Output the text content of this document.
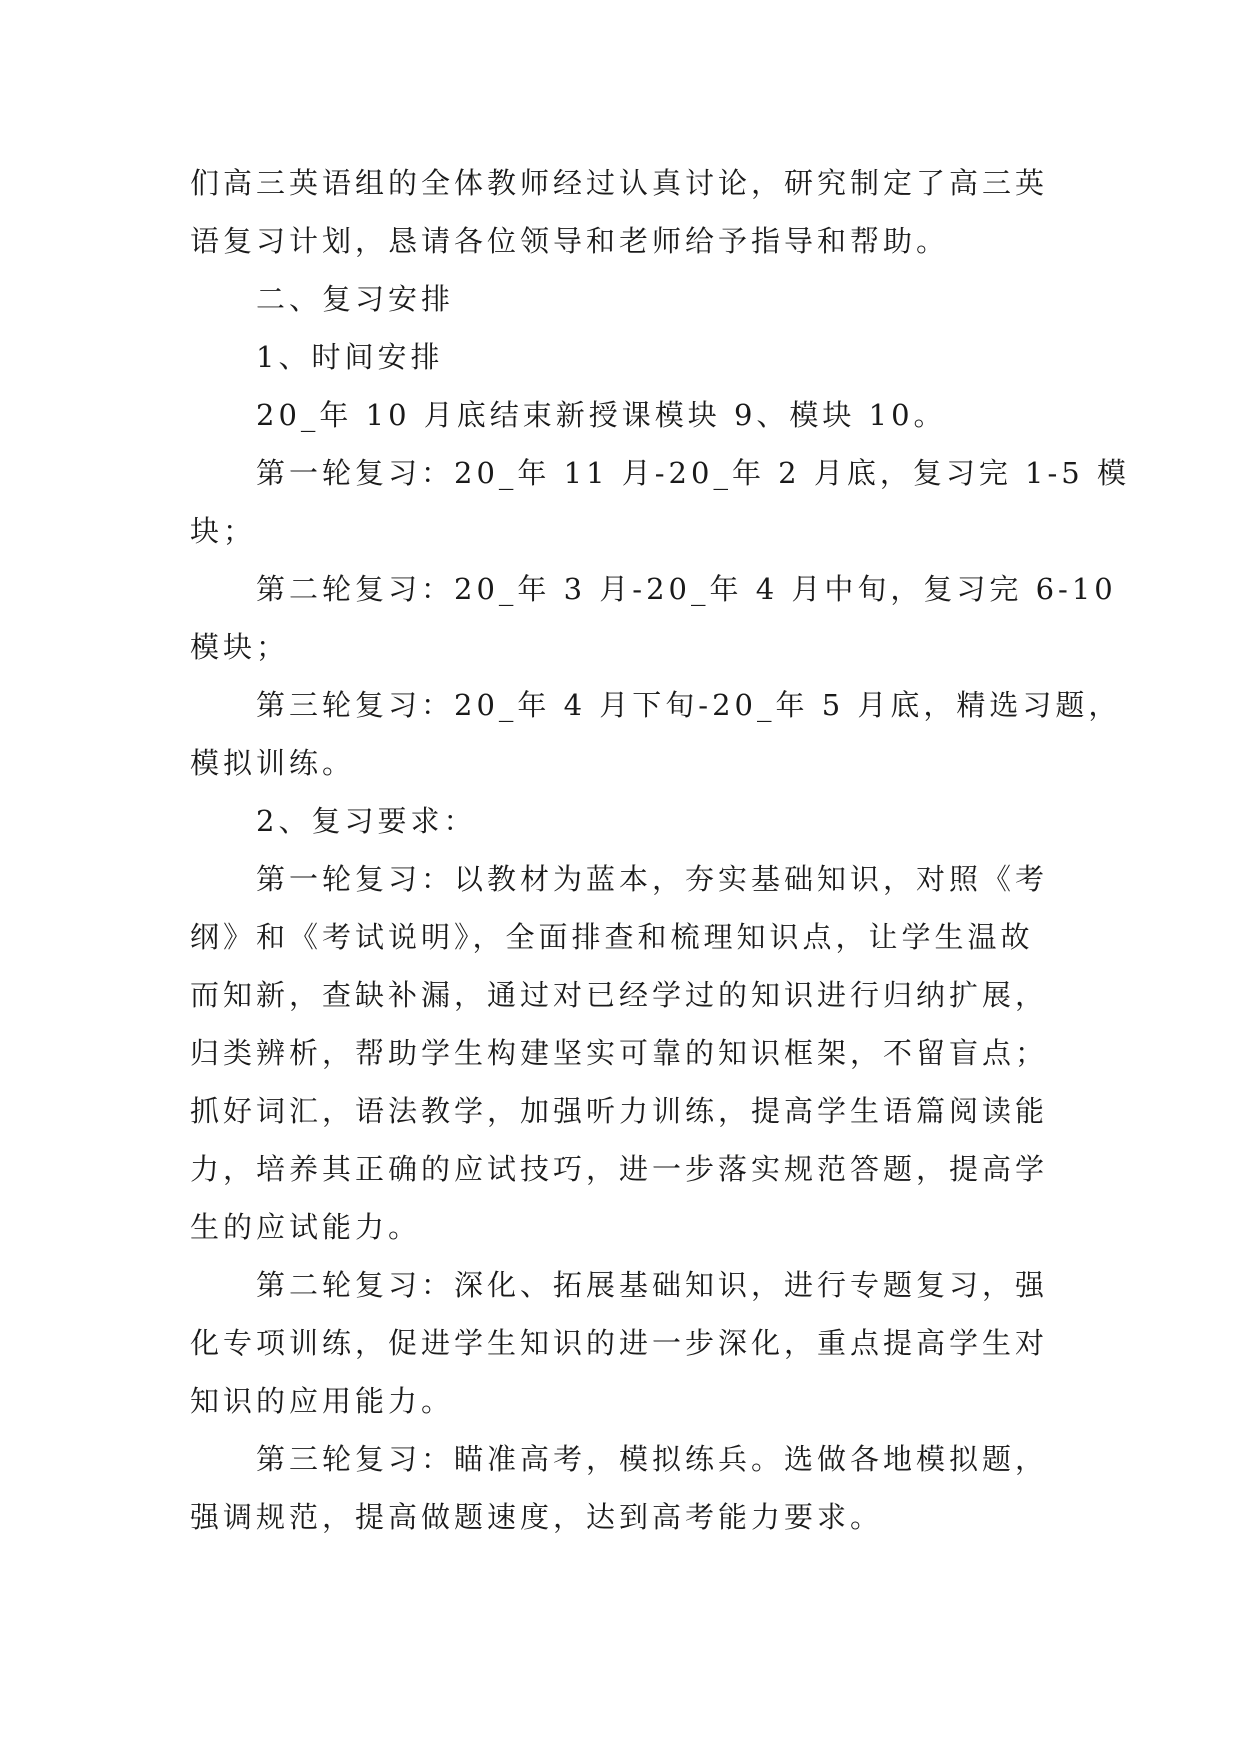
们高三英语组的全体教师经过认真讨论，研究制定了高三英
语复习计划，恳请各位领导和老师给予指导和帮助。
二、复习安排
1、时间安排
20_年 10 月底结束新授课模块 9、模块 10。
第一轮复习：20_年 11 月-20_年 2 月底，复习完 1-5 模
块；
第二轮复习：20_年 3 月-20_年 4 月中旬，复习完 6-10
模块；
第三轮复习：20_年 4 月下旬-20_年 5 月底，精选习题，
模拟训练。
2、复习要求：
第一轮复习：以教材为蓝本，夯实基础知识，对照《考
纲》和《考试说明》，全面排查和梳理知识点，让学生温故
而知新，查缺补漏，通过对已经学过的知识进行归纳扩展，
归类辨析，帮助学生构建坚实可靠的知识框架，不留盲点；
抓好词汇，语法教学，加强听力训练，提高学生语篇阅读能
力，培养其正确的应试技巧，进一步落实规范答题，提高学
生的应试能力。
第二轮复习：深化、拓展基础知识，进行专题复习，强
化专项训练，促进学生知识的进一步深化，重点提高学生对
知识的应用能力。
第三轮复习：瞄准高考，模拟练兵。选做各地模拟题，
强调规范，提高做题速度，达到高考能力要求。
